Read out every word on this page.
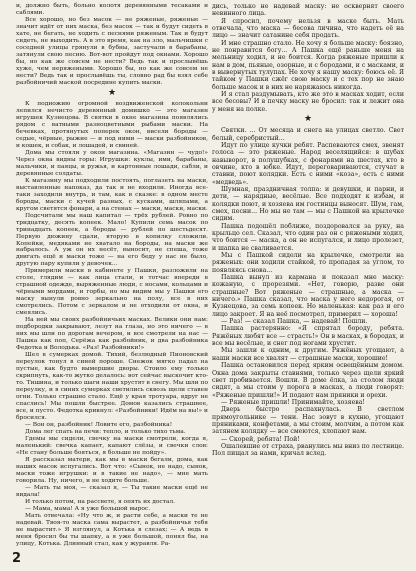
и, должно быть, больно колотя деревянными тесаками и саблями.

Все хорошо, но без масок — не ряженые, ряженые — значит идёт от них маска, без масок — так и будут сидеть в хате, не бегать, не ходить с песнями ряженым. Так и будут сидеть, не выходить. А в это время, как на зло, мальчишки с соседней улицы грянули в бубны, застучали в барабаны, затянули свою песню. Вот-вот пройдут под окнами. Хорошо бы, но как же совсем не нести? Ведь так и прослывёшь хуже, чем неряжеными. Хорошо бы, но как же совсем не нести? Ведь так и прослывёшь ты, словно рад бы взял себе разбойничий маской посредине купить маски.

★

К подножию огромной воздвиженской колокольни лепился нечисто деревянный домишко — это магазин игрушек Кузнецова. В святки в окне магазина появлялись рядом с ватными разноцветными рыбами маски. На бечевках, протянутых поперек окон, висели бороды — седые, чёрные, рыжие — и под ними — маски разбойников, и кошек, и собак, и лошадей, и свиней.

Дома мы стояли у окон магазина. «Магазин — чудо!» Через окна видны горы: Игрушки: куклы, ими, барабаны, мальчики, и паяцы, и ружья, и картонные лошади, сабли, и деревянные солдаты.

К магазину мы подходили постоять, поглазеть на маски, выставленные напоказ, да так и не входили. Иногда все-таки заходили внутрь, и там, как в сказке: в одном месте бороды, маски с кучей разных, с кусками, шляпами, а кругом светятся фонари, а на стенах — маски, маски, маски.

Подсчитали мы наш капитал — трёх рублей. Ровно по тридцатку, десять копеек. Мало! Купили семь масок по тринадцать копеек, а бороды — рублей по шестьдесят. Первую дюжину сдали, вторую в копилку сложили. Копейки, медяками не хватало на бороды, на маски же набралось. А уж он их несёт, выносит, не спеша, тоже двигать ещё и маски тоже — на его беду у нас не было, другую пару купили у девочек...

Примерили маски в кабинете у Пашки, разложили на столе, глядим — как лица стали, и тотчас впереди в страшной одежде, выряженные люди, с носами, кольцами и чёрными мордами, и горбы, но мы видим мы у Пашки его маску вынули ровно зеркально на полу, все в них смотрелись. Потом с зеркалом и не отходили от окна, и смеялись.

На ней мы своих разбойничьих масках. Велики они нам: подбородки закрывают, лезут на глаза, но это ничего — в них мы шли по дорогам вечером, и все смотрели на нас — Пашка как поп, Серёжа как разбойник, и два разбойника Федотка и Володька. «Раз! Разбойники!»

Шел в сумерках домой. Тихий, безлюдный Пионовский переулок тонул в синей пороше. Снежок мягко падал на пустые, как будто вымершие дворы. Стоило ему только скрипнуть, как-то жутко делалось: вот сейчас выскочит кто-то. Тишина, и только шаги наши хрустят в снегу. Мы шли по переулку, и в синих сумерках светились сквозь щели ставен огни. Только страшно стало. Ещё у края тротуара, вдруг не спаслись! Мы пошли быстрее. Домов казались страшнее, все, и пусто. Федотка крикнул: «Разбойники! Идём на вы!» и бросился.

— Вон он, разбойник! Ловите его, разбойника!

Дома лег спать на печи: тепло, и только тихо тьма.

Гдемы мы сидели, свечку на маски смотрели, когда я, маленький: свечка капает, капают слёзы, и свечки слов: «Не стану больше бояться, я больше не пойду».

Я рассказал матери, как мы в маски бегали, дома, как наших масок испугались. Вот что: «Сынок, не надо, сынок, маски тоже игрушки: и в такие не надо», — мне мать говорила. Ну, ничего, и не ходите больше.

— Мать ты моя, — сказал я, — Ты такие маски ещё не видала!

И только потом, на рассвете, я опять их достал.

— Мама, мама! А я уже большой вырос.

Мать отвечала: «Ну что ж, и расти себе, а маски те не надевай. Твоя-то маска сама вырастет, а разбойничья тебя не вырастит.» Я взглянул, а Котька в слезах; — А ведь в меня бросил бы ты шапку, а я уже большой, понял бы, на улицу, Котька. Длинный стал, как у журавля. Ра-

дись, только не надевай маску: не осквернят своего невинного лица.

Я спросил, почему нельзя в маске быть. Мать отвечала, что маска — бесова личина, что надеть её на лицо — значит сатанине себя продать.

И мне страшно стало. Не хочу я больше маску: боязно, не понравится богу... А Пашка ещё раньше меня на мельницу ходил, и не боится. Когда ряженые пришли к нам в дом, пьяные, озорные, и с бородами, и с масками, и в вывернутых тулупах. Не хочу я нашу маску: боюсь её. Я тайком у Пашки сжёг свою маску и с тех пор не знаю больше масок и в них не наряжаюсь никогда.

И я стал раздумывать, кто же это в масках ходит, если все бесовы? И в печку маску не бросил: так и лежит она у меня на полке.

★

Святки. ... От месяца и снега на улицах светло. Свет белый, серебристый...

Идут по улице кучки ребят. Распеваются смех, звенят голоса — это ряженые. Народ веселящийся: в шубах навыворот, в полушубках, с фонарями на шестах, кто в овчине, кто в юбке. Идут, переговариваются, стучат в ставни, поют колядки. Есть с ними «коза», есть с ними «медведь».

Шумная, праздничная толпа: и девушки, и парни, и дети, — нарядные, весёлые. Все подходят к избам, и колядки поют, и хозяева им гостинцы выносят. Шум, гам, смех, песни... Но мы не там — мы с Пашкой на крылечке сидим.

Пашка подошёл поближе, поздоровался за руку, на крыльцо сел. Сказал, что один раз он с ряжеными ходил, что боится — маска, а он не испугался, и лицо пролезет, и шапка не сваливается.

Мы с Пашкой сидели на крылечке, смотрели на ряженых: они ходили стайкой, то пропадая за углом, то появляясь снова...

Пашка вынул из кармана и показал мне маску: кожаную, с прорезями. «Нет, говорю, разве они страшные? Вот ряженые — страшные, а маска — ничего.» Пашка сказал, что маска у него недорогая, от Кузнецова, за семь копеек. Но маленькая: как раз и его лицо закроет. Я на неё посмотрел, примерил — хороша!

— Раз! — сказал Пашка, — надевай! Пошли.

Пашка растерянно: «Я спрятал бороду, ребята. Ряжёных любят все — страсть!» Он в масках, в бородах, и все мы весёлые, и снег под ногами хрустит.

Мы зашли к одним, к другим. Ряжёных угощают, а наши маски все хвалят — страшные маски, хорошие!

Пашка остановился перед ярким освещённым домом. Окна дома закрыты ставнями, только через щели яркий свет пробивается. Вошли. В доме ёлка, за столом люди сидят, а мы стоим у порога в масках, а люди говорят: «Ряженые пришли!» И подают нам пряники и орехи.

— Ряженые пришли! Принимайте, хозяева!

Дверь быстро распахнулась. В светлом прямоугольнике — тени. Нас зовут в кухню, угощают пряниками, конфетами, а мы стоим, молчим, а потом как затянем колядку — все смеются, хлопают нам.

— Скорей, ребята! Пой!

Ошалевшие от страха, рванулись мы вниз по лестнице. Пол пищал за нами, кричал вслед.

2
